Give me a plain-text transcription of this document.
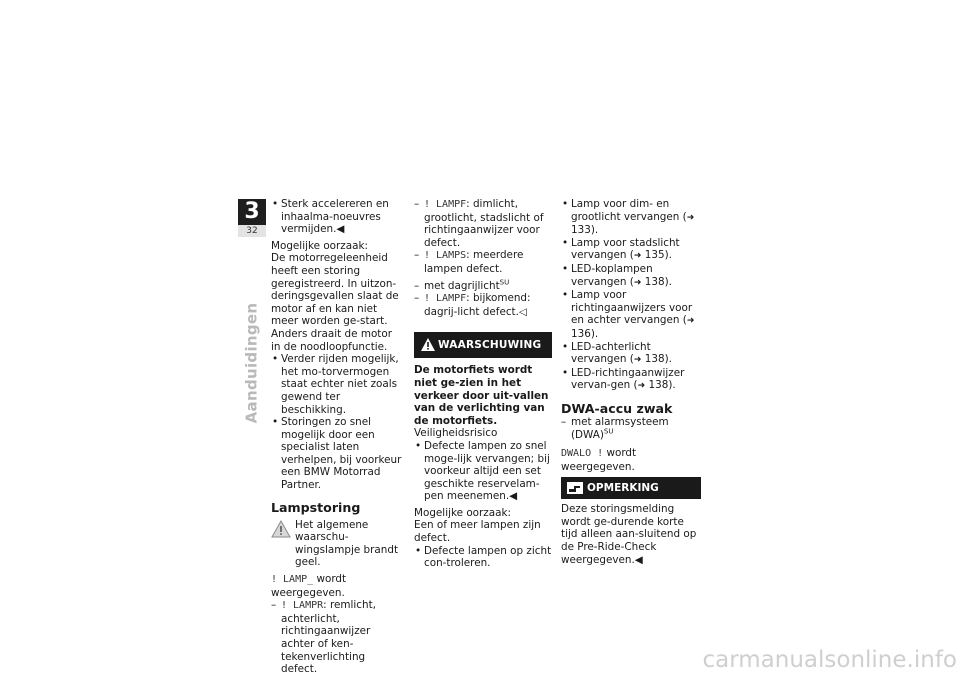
3
32
Aanduidingen

• Sterk accelereren en inhaalma-noeuvres vermijden.◀

Mogelijke oorzaak:

De motorregeleenheid heeft een storing geregistreerd. In uitzon-deringsgevallen slaat de motor af en kan niet meer worden ge-start. Anders draait de motor in de noodloopfunctie.

• Verder rijden mogelijk, het mo-torvermogen staat echter niet zoals gewend ter beschikking.

• Storingen zo snel mogelijk door een specialist laten verhelpen, bij voorkeur een BMW Motorrad Partner.

Lampstoring

Het algemene waarschu-wingslampje brandt geel.

! LAMP_ wordt weergegeven.

– ! LAMPR: remlicht, achterlicht, richtingaanwijzer achter of ken-tekenverlichting defect.

– ! LAMPF: dimlicht, grootlicht, stadslicht of richtingaanwijzer voor defect.

– ! LAMPS: meerdere lampen defect.

– met dagrijlicht$^{SU}$

– ! LAMPF: bijkomend: dagrij-licht defect.◁

WAARSCHUWING

De motorfiets wordt niet ge-zien in het verkeer door uit-vallen van de verlichting van de motorfiets.

Veiligheidsrisico

• Defecte lampen zo snel moge-lijk vervangen; bij voorkeur altijd een set geschikte reservelam-pen meenemen.◀

Mogelijke oorzaak:

Een of meer lampen zijn defect.

• Defecte lampen op zicht con-troleren.

• Lamp voor dim- en grootlicht vervangen (➜ 133).

• Lamp voor stadslicht vervangen (➜ 135).

• LED-koplampen vervangen (➜ 138).

• Lamp voor richtingaanwijzers voor en achter vervangen (➜ 136).

• LED-achterlicht vervangen (➜ 138).

• LED-richtingaanwijzer vervan-gen (➜ 138).

DWA-accu zwak

– met alarmsysteem (DWA)$^{SU}$

DWALO ! wordt weergegeven.

OPMERKING

Deze storingsmelding wordt ge-durende korte tijd alleen aan-sluitend op de Pre-Ride-Check weergegeven.◀

carmanualsonline.info
